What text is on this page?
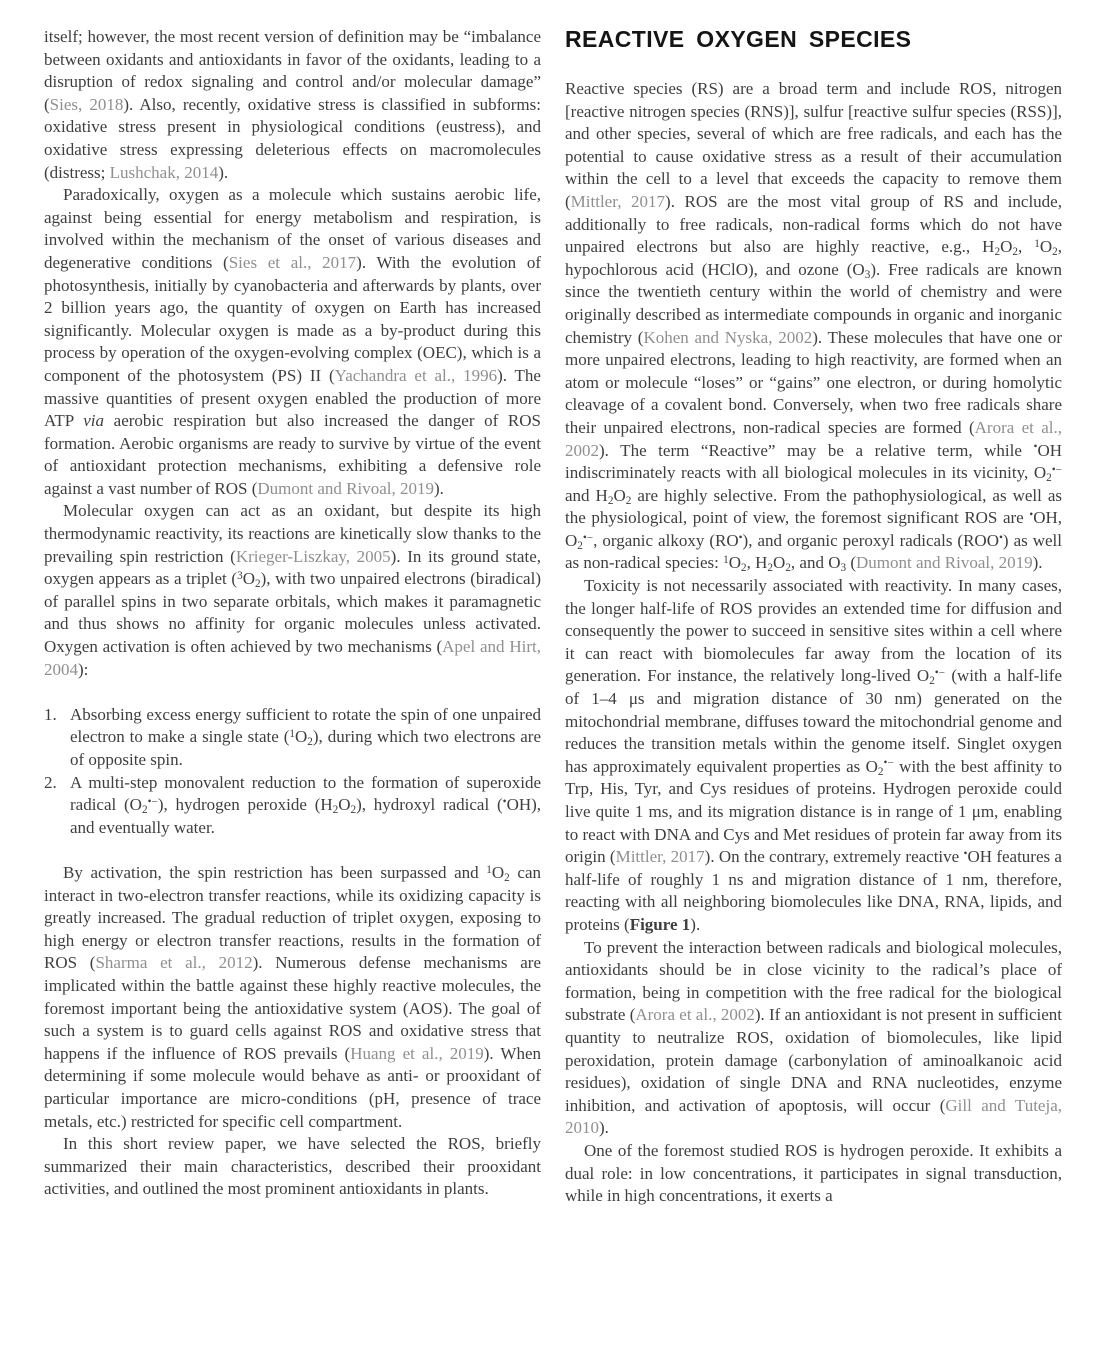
itself; however, the most recent version of definition may be “imbalance between oxidants and antioxidants in favor of the oxidants, leading to a disruption of redox signaling and control and/or molecular damage” (Sies, 2018). Also, recently, oxidative stress is classified in subforms: oxidative stress present in physiological conditions (eustress), and oxidative stress expressing deleterious effects on macromolecules (distress; Lushchak, 2014).

Paradoxically, oxygen as a molecule which sustains aerobic life, against being essential for energy metabolism and respiration, is involved within the mechanism of the onset of various diseases and degenerative conditions (Sies et al., 2017). With the evolution of photosynthesis, initially by cyanobacteria and afterwards by plants, over 2 billion years ago, the quantity of oxygen on Earth has increased significantly. Molecular oxygen is made as a by-product during this process by operation of the oxygen-evolving complex (OEC), which is a component of the photosystem (PS) II (Yachandra et al., 1996). The massive quantities of present oxygen enabled the production of more ATP via aerobic respiration but also increased the danger of ROS formation. Aerobic organisms are ready to survive by virtue of the event of antioxidant protection mechanisms, exhibiting a defensive role against a vast number of ROS (Dumont and Rivoal, 2019).

Molecular oxygen can act as an oxidant, but despite its high thermodynamic reactivity, its reactions are kinetically slow thanks to the prevailing spin restriction (Krieger-Liszkay, 2005). In its ground state, oxygen appears as a triplet $(^3O_2)$, with two unpaired electrons (biradical) of parallel spins in two separate orbitals, which makes it paramagnetic and thus shows no affinity for organic molecules unless activated. Oxygen activation is often achieved by two mechanisms (Apel and Hirt, 2004):

1. Absorbing excess energy sufficient to rotate the spin of one unpaired electron to make a single state $(^1O_2)$, during which two electrons are of opposite spin.
2. A multi-step monovalent reduction to the formation of superoxide radical $(O_2^{•-})$, hydrogen peroxide $(H_2O_2)$, hydroxyl radical (•OH), and eventually water.

By activation, the spin restriction has been surpassed and $^1O_2$ can interact in two-electron transfer reactions, while its oxidizing capacity is greatly increased. The gradual reduction of triplet oxygen, exposing to high energy or electron transfer reactions, results in the formation of ROS (Sharma et al., 2012). Numerous defense mechanisms are implicated within the battle against these highly reactive molecules, the foremost important being the antioxidative system (AOS). The goal of such a system is to guard cells against ROS and oxidative stress that happens if the influence of ROS prevails (Huang et al., 2019). When determining if some molecule would behave as anti- or prooxidant of particular importance are micro-conditions (pH, presence of trace metals, etc.) restricted for specific cell compartment.

In this short review paper, we have selected the ROS, briefly summarized their main characteristics, described their prooxidant activities, and outlined the most prominent antioxidants in plants.

REACTIVE OXYGEN SPECIES

Reactive species (RS) are a broad term and include ROS, nitrogen [reactive nitrogen species (RNS)], sulfur [reactive sulfur species (RSS)], and other species, several of which are free radicals, and each has the potential to cause oxidative stress as a result of their accumulation within the cell to a level that exceeds the capacity to remove them (Mittler, 2017). ROS are the most vital group of RS and include, additionally to free radicals, non-radical forms which do not have unpaired electrons but also are highly reactive, e.g., $H_2O_2$, $^1O_2$, hypochlorous acid (HClO), and ozone $(O_3)$. Free radicals are known since the twentieth century within the world of chemistry and were originally described as intermediate compounds in organic and inorganic chemistry (Kohen and Nyska, 2002). These molecules that have one or more unpaired electrons, leading to high reactivity, are formed when an atom or molecule “loses” or “gains” one electron, or during homolytic cleavage of a covalent bond. Conversely, when two free radicals share their unpaired electrons, non-radical species are formed (Arora et al., 2002). The term “Reactive” may be a relative term, while •OH indiscriminately reacts with all biological molecules in its vicinity, $O_2^{•-}$ and $H_2O_2$ are highly selective. From the pathophysiological, as well as the physiological, point of view, the foremost significant ROS are •OH, $O_2^{•-}$, organic alkoxy (RO•), and organic peroxyl radicals (ROO•) as well as non-radical species: $^1O_2$, $H_2O_2$, and $O_3$ (Dumont and Rivoal, 2019).

Toxicity is not necessarily associated with reactivity. In many cases, the longer half-life of ROS provides an extended time for diffusion and consequently the power to succeed in sensitive sites within a cell where it can react with biomolecules far away from the location of its generation. For instance, the relatively long-lived $O_2^{•-}$ (with a half-life of 1–4 μs and migration distance of 30 nm) generated on the mitochondrial membrane, diffuses toward the mitochondrial genome and reduces the transition metals within the genome itself. Singlet oxygen has approximately equivalent properties as $O_2^{•-}$ with the best affinity to Trp, His, Tyr, and Cys residues of proteins. Hydrogen peroxide could live quite 1 ms, and its migration distance is in range of 1 μm, enabling to react with DNA and Cys and Met residues of protein far away from its origin (Mittler, 2017). On the contrary, extremely reactive •OH features a half-life of roughly 1 ns and migration distance of 1 nm, therefore, reacting with all neighboring biomolecules like DNA, RNA, lipids, and proteins (Figure 1).

To prevent the interaction between radicals and biological molecules, antioxidants should be in close vicinity to the radical’s place of formation, being in competition with the free radical for the biological substrate (Arora et al., 2002). If an antioxidant is not present in sufficient quantity to neutralize ROS, oxidation of biomolecules, like lipid peroxidation, protein damage (carbonylation of aminoalkanoic acid residues), oxidation of single DNA and RNA nucleotides, enzyme inhibition, and activation of apoptosis, will occur (Gill and Tuteja, 2010).

One of the foremost studied ROS is hydrogen peroxide. It exhibits a dual role: in low concentrations, it participates in signal transduction, while in high concentrations, it exerts a
